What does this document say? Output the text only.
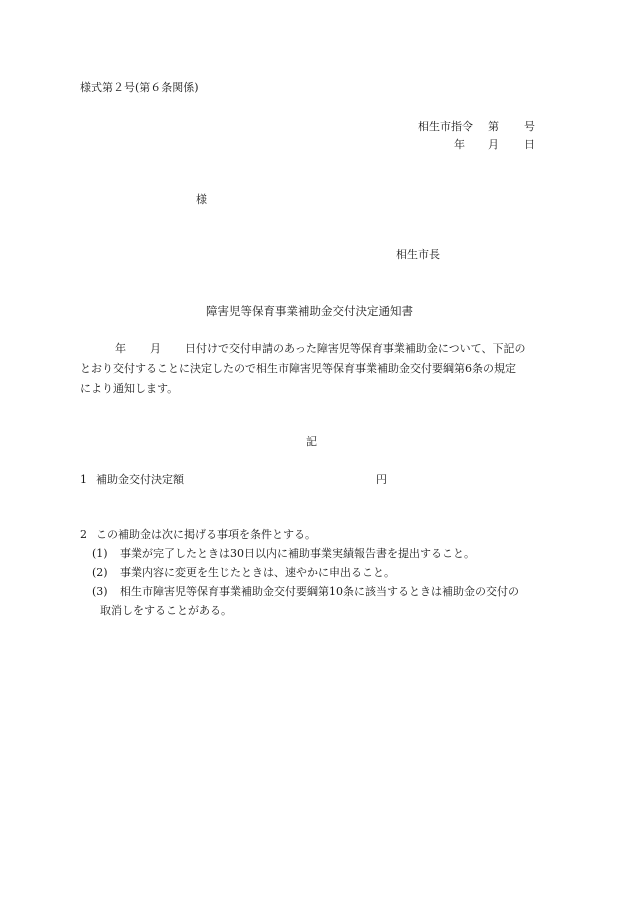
様式第２号(第６条関係)
相生市指令 第 号
年 月 日
様
相生市長
障害児等保育事業補助金交付決定通知書
年 月 日付けで交付申請のあった障害児等保育事業補助金について、下記の
とおり交付することに決定したので相生市障害児等保育事業補助金交付要綱第6条の規定
により通知します。
記
1 補助金交付決定額	円
2 この補助金は次に掲げる事項を条件とする。
(1) 事業が完了したときは30日以内に補助事業実績報告書を提出すること。
(2) 事業内容に変更を生じたときは、速やかに申出ること。
(3) 相生市障害児等保育事業補助金交付要綱第10条に該当するときは補助金の交付の
取消しをすることがある。
